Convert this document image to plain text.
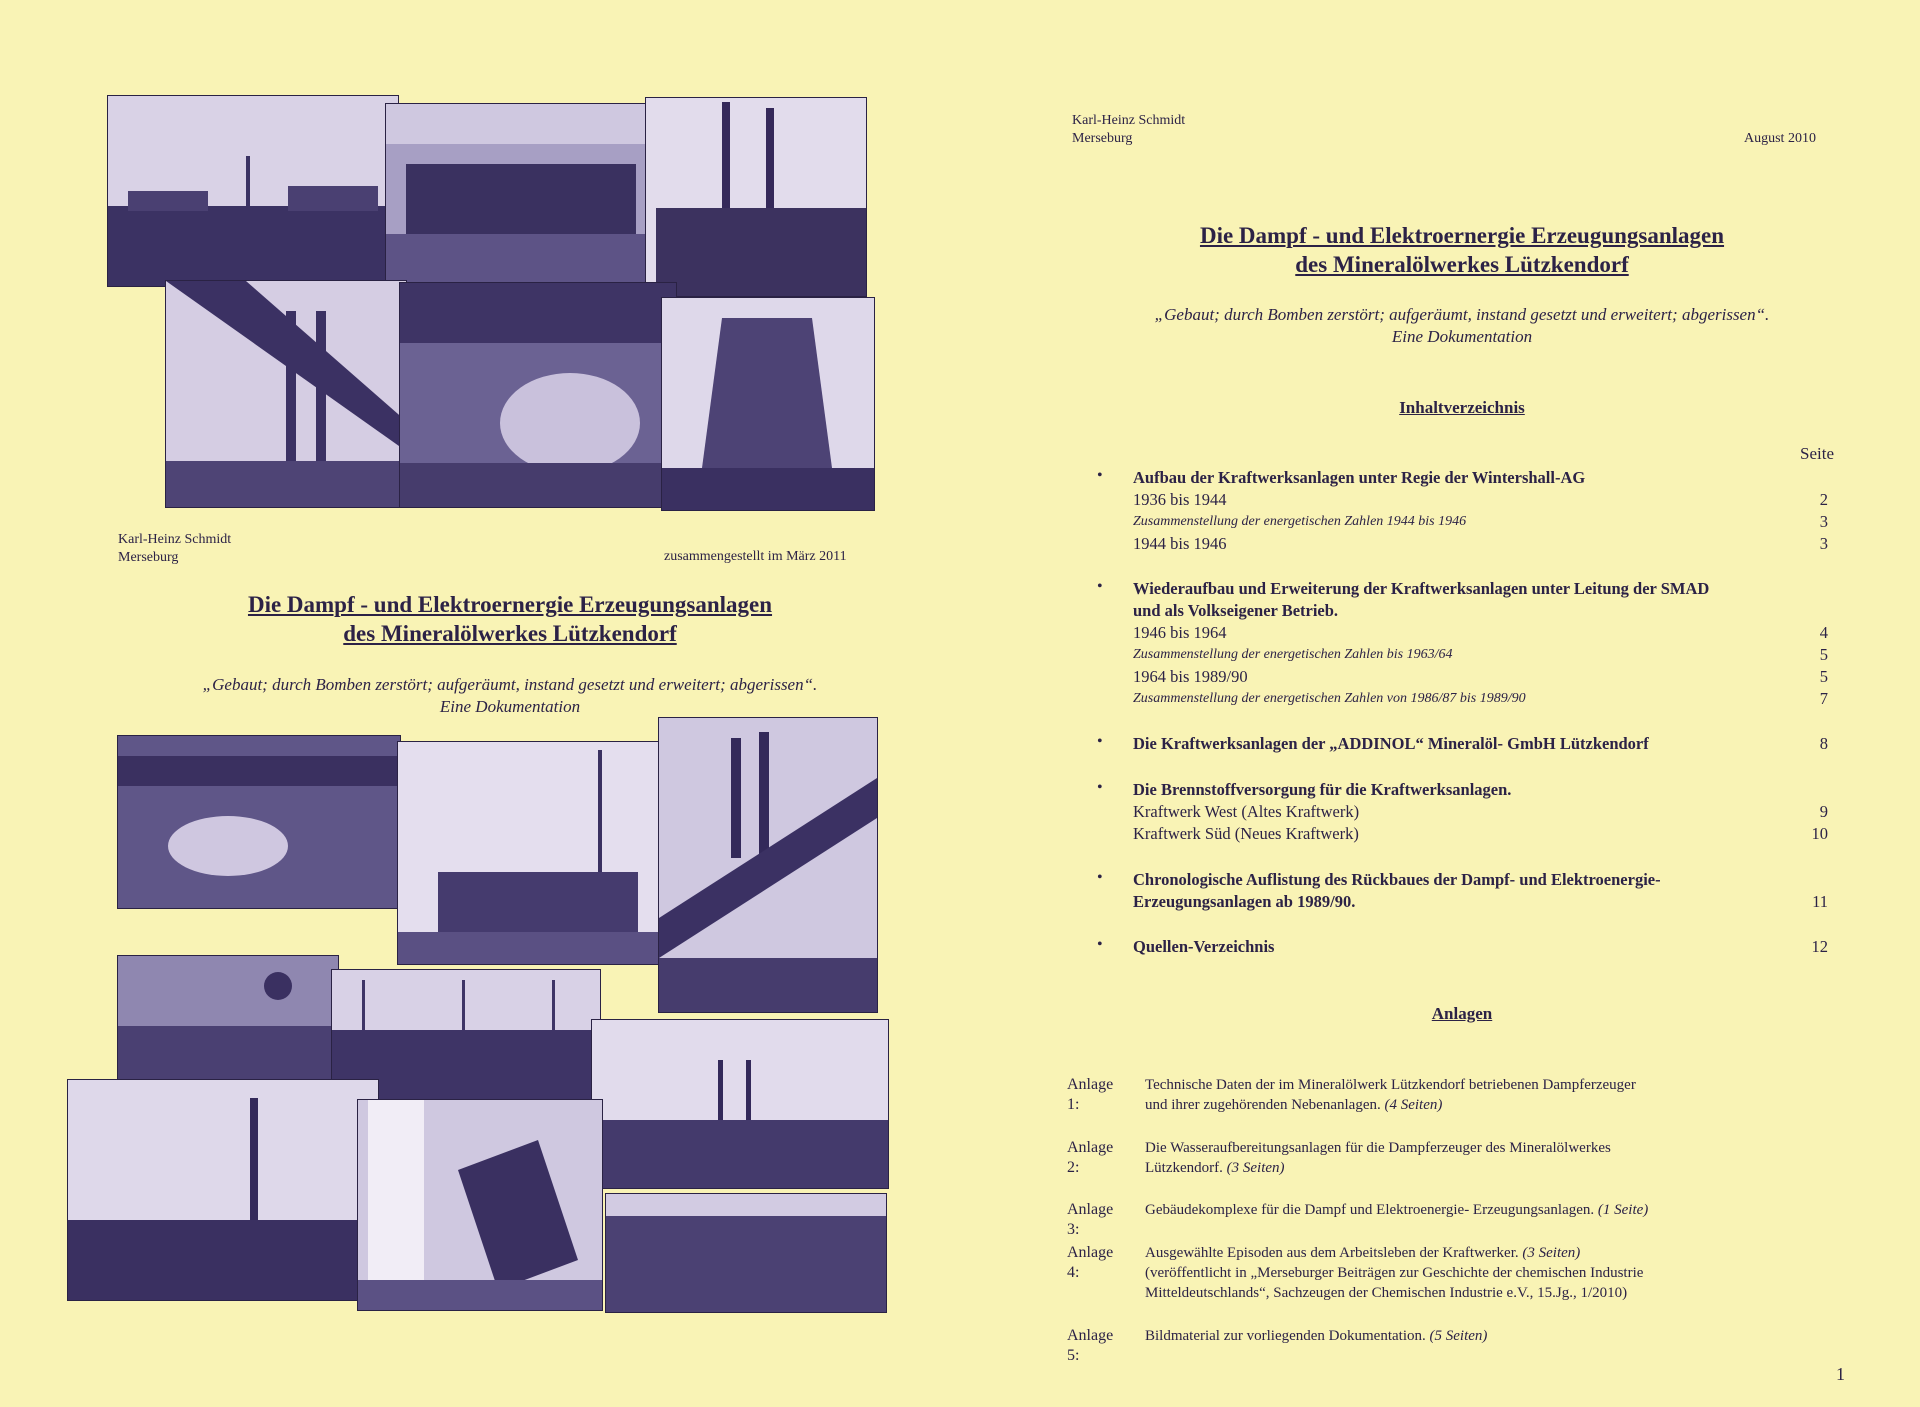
Karl-Heinz Schmidt
Merseburg	zusammengestellt im März 2011
Die Dampf - und Elektroernergie Erzeugungsanlagen
des Mineralölwerkes Lützkendorf
„Gebaut; durch Bomben zerstört; aufgeräumt, instand gesetzt und erweitert; abgerissen“.
Eine Dokumentation
Karl-Heinz Schmidt
Merseburg	August 2010
Die Dampf - und Elektroernergie Erzeugungsanlagen
des Mineralölwerkes Lützkendorf
„Gebaut; durch Bomben zerstört; aufgeräumt, instand gesetzt und erweitert; abgerissen“.
Eine Dokumentation
Inhaltverzeichnis
Seite
• Aufbau der Kraftwerksanlagen unter Regie der Wintershall-AG
1936 bis 1944	2
Zusammenstellung der energetischen Zahlen 1944 bis 1946	3
1944 bis 1946	3
• Wiederaufbau und Erweiterung der Kraftwerksanlagen unter Leitung der SMAD
und als Volkseigener Betrieb.
1946 bis 1964	4
Zusammenstellung der energetischen Zahlen bis 1963/64	5
1964 bis 1989/90	5
Zusammenstellung der energetischen Zahlen von 1986/87 bis 1989/90	7
• Die Kraftwerksanlagen der „ADDINOL“ Mineralöl- GmbH Lützkendorf	8
• Die Brennstoffversorgung für die Kraftwerksanlagen.
Kraftwerk West (Altes Kraftwerk)	9
Kraftwerk Süd (Neues Kraftwerk)	10
• Chronologische Auflistung des Rückbaues der Dampf- und Elektroenergie-
Erzeugungsanlagen ab 1989/90.	11
• Quellen-Verzeichnis	12
Anlagen
Anlage 1:
Technische Daten der im Mineralölwerk Lützkendorf betriebenen Dampferzeuger
und ihrer zugehörenden Nebenanlagen. (4 Seiten)
Anlage 2:
Die Wasseraufbereitungsanlagen für die Dampferzeuger des Mineralölwerkes
Lützkendorf. (3 Seiten)
Anlage 3:
Gebäudekomplexe für die Dampf und Elektroenergie- Erzeugungsanlagen. (1 Seite)
Anlage 4:
Ausgewählte Episoden aus dem Arbeitsleben der Kraftwerker. (3 Seiten)
(veröffentlicht in „Merseburger Beiträgen zur Geschichte der chemischen Industrie
Mitteldeutschlands“, Sachzeugen der Chemischen Industrie e.V., 15.Jg., 1/2010)
Anlage 5:
Bildmaterial zur vorliegenden Dokumentation. (5 Seiten)
1
